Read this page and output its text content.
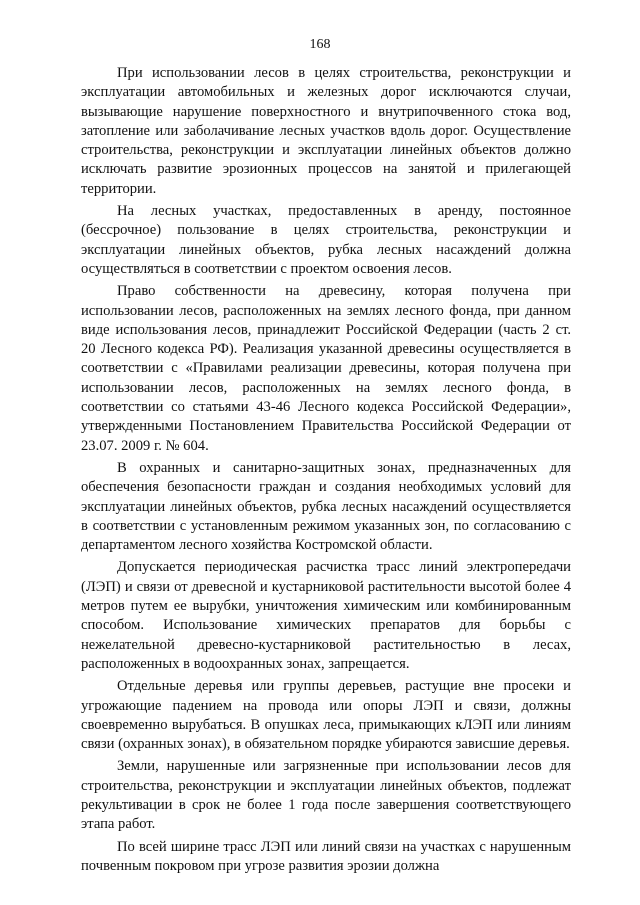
168

При использовании лесов в целях строительства, реконструкции и эксплуатации автомобильных и железных дорог исключаются случаи, вызывающие нарушение поверхностного и внутрипочвенного стока вод, затопление или заболачивание лесных участков вдоль дорог. Осуществление строительства, реконструкции и эксплуатации линейных объектов должно исключать развитие эрозионных процессов на занятой и прилегающей территории.

На лесных участках, предоставленных в аренду, постоянное (бессрочное) пользование в целях строительства, реконструкции и эксплуатации линейных объектов, рубка лесных насаждений должна осуществляться в соответствии с проектом освоения лесов.

Право собственности на древесину, которая получена при использовании лесов, расположенных на землях лесного фонда, при данном виде использования лесов, принадлежит Российской Федерации (часть 2 ст. 20 Лесного кодекса РФ). Реализация указанной древесины осуществляется в соответствии с «Правилами реализации древесины, которая получена при использовании лесов, расположенных на землях лесного фонда, в соответствии со статьями 43-46 Лесного кодекса Российской Федерации», утвержденными Постановлением Правительства Российской Федерации от 23.07. 2009 г. № 604.

В охранных и санитарно-защитных зонах, предназначенных для обеспечения безопасности граждан и создания необходимых условий для эксплуатации линейных объектов, рубка лесных насаждений осуществляется в соответствии с установленным режимом указанных зон, по согласованию с департаментом лесного хозяйства Костромской области.

Допускается периодическая расчистка трасс линий электропередачи (ЛЭП) и связи от древесной и кустарниковой растительности высотой более 4 метров путем ее вырубки, уничтожения химическим или комбинированным способом. Использование химических препаратов для борьбы с нежелательной древесно-кустарниковой растительностью в лесах, расположенных в водоохранных зонах, запрещается.

Отдельные деревья или группы деревьев, растущие вне просеки и угрожающие падением на провода или опоры ЛЭП и связи, должны своевременно вырубаться. В опушках леса, примыкающих кЛЭП или линиям связи (охранных зонах), в обязательном порядке убираются зависшие деревья.

Земли, нарушенные или загрязненные при использовании лесов для строительства, реконструкции и эксплуатации линейных объектов, подлежат рекультивации в срок не более 1 года после завершения соответствующего этапа работ.

По всей ширине трасс ЛЭП или линий связи на участках с нарушенным почвенным покровом при угрозе развития эрозии должна
